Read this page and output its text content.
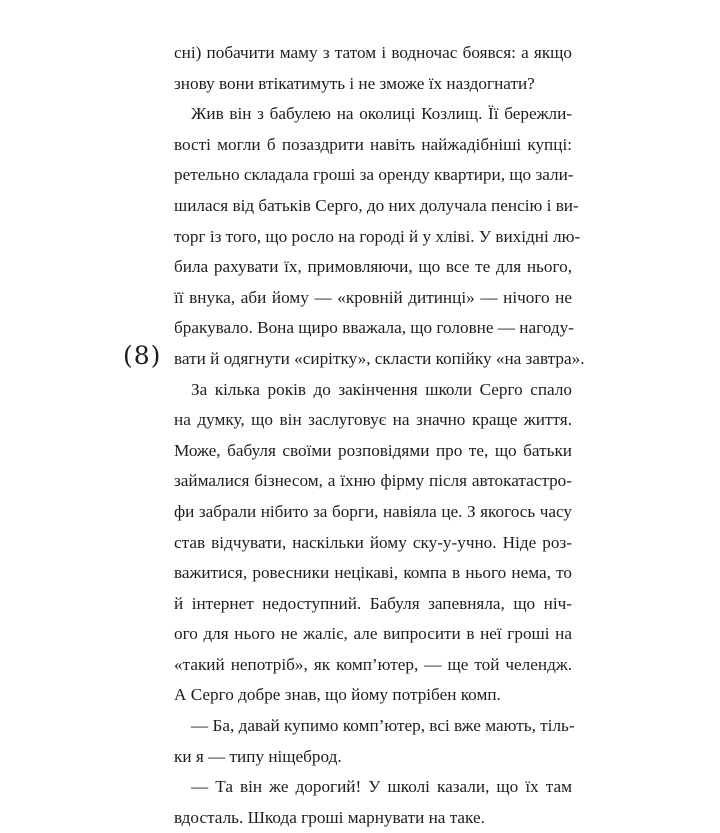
(8)
сні) побачити маму з татом і водночас боявся: а якщо
знову вони втікатимуть і не зможе їх наздогнати?
Жив він з бабулею на околиці Козлищ. Її бережли-
вості могли б позаздрити навіть найжадібніші купці:
ретельно складала гроші за оренду квартири, що зали-
шилася від батьків Серго, до них долучала пенсію і ви-
торг із того, що росло на городі й у хліві. У вихідні лю-
била рахувати їх, примовляючи, що все те для нього,
її внука, аби йому — «кровній дитинці» — нічого не
бракувало. Вона щиро вважала, що головне — нагоду-
вати й одягнути «сирітку», скласти копійку «на завтра».
За кілька років до закінчення школи Серго спало
на думку, що він заслуговує на значно краще життя.
Може, бабуля своїми розповідями про те, що батьки
займалися бізнесом, а їхню фірму після автокатастро-
фи забрали нібито за борги, навіяла це. З якогось часу
став відчувати, наскільки йому ску-у-учно. Ніде роз-
важитися, ровесники нецікаві, компа в нього нема, то
й інтернет недоступний. Бабуля запевняла, що ніч-
ого для нього не жаліє, але випросити в неї гроші на
«такий непотріб», як комп’ютер, — ще той челендж.
А Серго добре знав, що йому потрібен комп.
— Ба, давай купимо комп’ютер, всі вже мають, тіль-
ки я — типу ніщеброд.
— Та він же дорогий! У школі казали, що їх там
вдосталь. Шкода гроші марнувати на таке.
